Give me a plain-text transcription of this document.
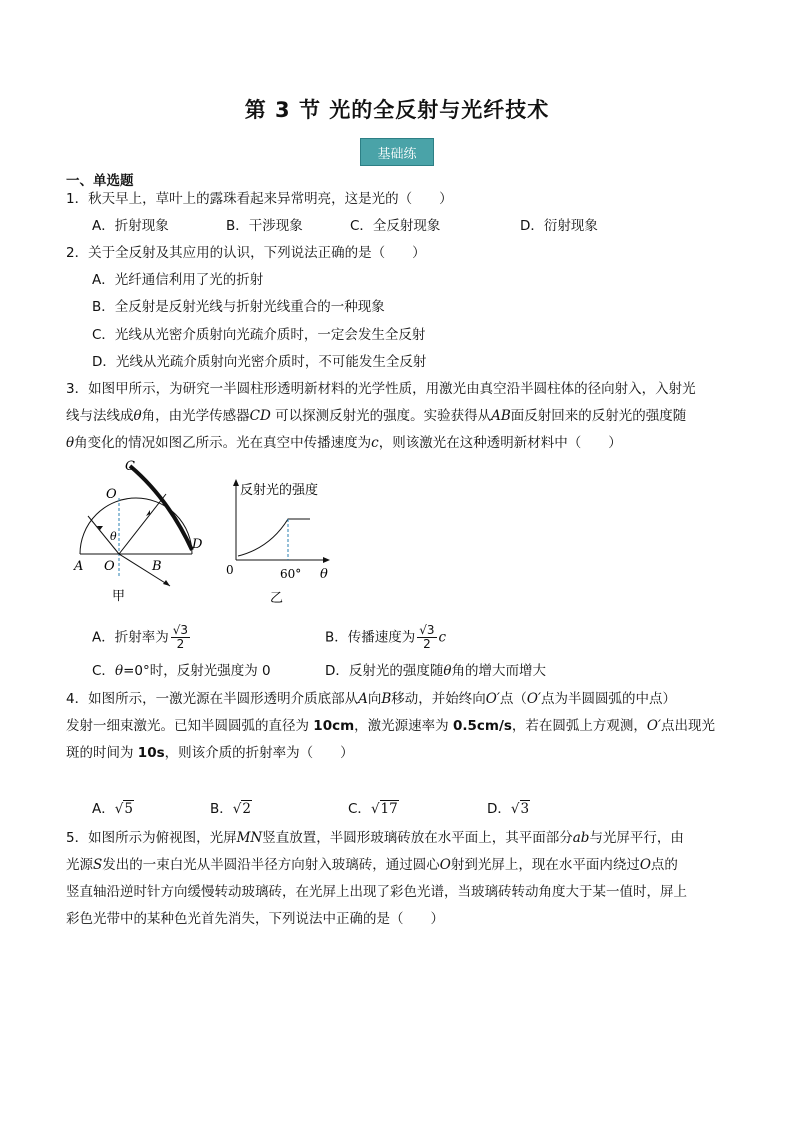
第 3 节 光的全反射与光纤技术
基础练
一、单选题
1．秋天早上，草叶上的露珠看起来异常明亮，这是光的（　　）
A．折射现象	B．干涉现象	C．全反射现象	D．衍射现象
2．关于全反射及其应用的认识，下列说法正确的是（　　）
A．光纤通信利用了光的折射
B．全反射是反射光线与折射光线重合的一种现象
C．光线从光密介质射向光疏介质时，一定会发生全反射
D．光线从光疏介质射向光密介质时，不可能发生全反射
3．如图甲所示，为研究一半圆柱形透明新材料的光学性质，用激光由真空沿半圆柱体的径向射入，入射光
线与法线成θ角，由光学传感器CD 可以探测反射光的强度。实验获得从AB面反射回来的反射光的强度随
θ角变化的情况如图乙所示。光在真空中传播速度为c，则该激光在这种透明新材料中（　　）
C
O
θ
D
A O	B
甲
反射光的强度
0	60° θ
乙
A．折射率为 $\frac{√3}{2}$	B．传播速度为 $\frac{√3}{2}$ c
C．θ=0°时，反射光强度为 0	D．反射光的强度随θ角的增大而增大
4．如图所示，一激光源在半圆形透明介质底部从A向B移动，并始终向O′点（O′点为半圆圆弧的中点）
发射一细束激光。已知半圆圆弧的直径为 10cm，激光源速率为 0.5cm/s，若在圆弧上方观测，O′点出现光
斑的时间为 10s，则该介质的折射率为（　　）
A．√5	B．√2	C．√17	D．√3
5．如图所示为俯视图，光屏MN竖直放置，半圆形玻璃砖放在水平面上，其平面部分ab与光屏平行，由
光源S发出的一束白光从半圆沿半径方向射入玻璃砖，通过圆心O射到光屏上，现在水平面内绕过O点的
竖直轴沿逆时针方向缓慢转动玻璃砖，在光屏上出现了彩色光谱，当玻璃砖转动角度大于某一值时，屏上
彩色光带中的某种色光首先消失，下列说法中正确的是（　　）
